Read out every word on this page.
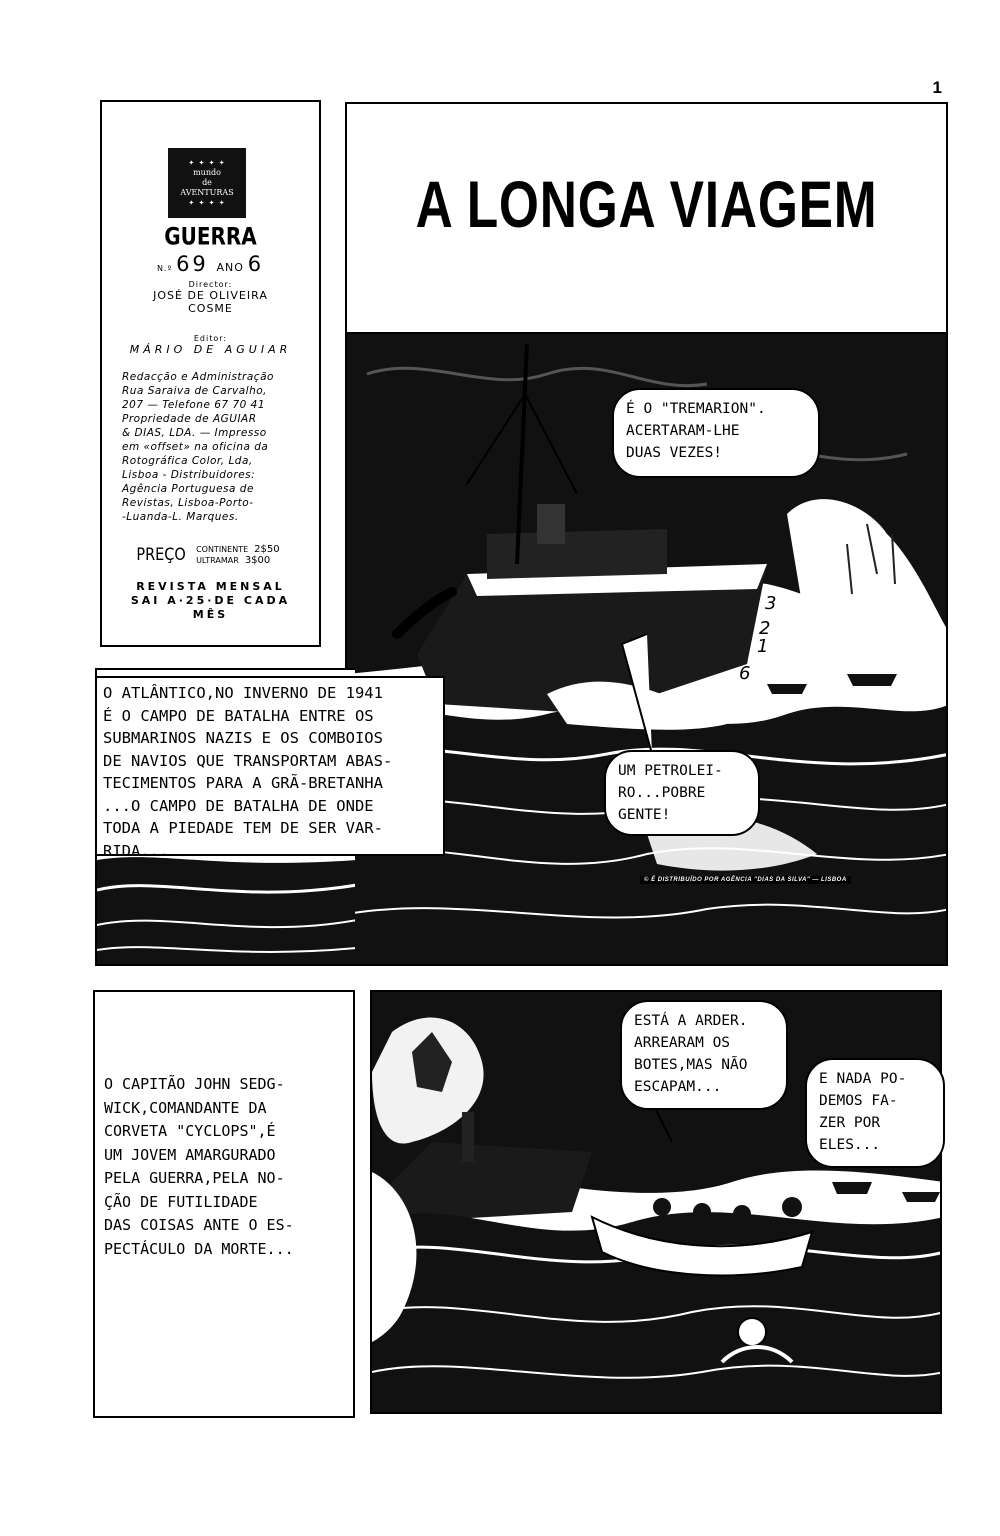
1
✦ ✦ ✦ ✦
mundo
de
AVENTURAS
✦ ✦ ✦ ✦
GUERRA
N.º 69 ANO 6
Director:
JOSÉ DE OLIVEIRA
COSME
Editor:
MÁRIO DE AGUIAR
Redacção e Administração
Rua Saraiva de Carvalho,
207 — Telefone 67 70 41
Propriedade de AGUIAR
& DIAS, LDA. — Impresso
em «offset» na oficina da
Rotográfica Color, Lda,
Lisboa - Distribuidores:
Agência Portuguesa de
Revistas, Lisboa-Porto-
-Luanda-L. Marques.
PREÇO CONTINENTE 2$50
ULTRAMAR 3$00
REVISTA MENSAL
SAI A·25·DE CADA
MÊS
A LONGA VIAGEM
3
2
1
6
O ATLÂNTICO,NO INVERNO DE 1941
É O CAMPO DE BATALHA ENTRE OS
SUBMARINOS NAZIS E OS COMBOIOS
DE NAVIOS QUE TRANSPORTAM ABAS-
TECIMENTOS PARA A GRÃ-BRETANHA
...O CAMPO DE BATALHA DE ONDE
TODA A PIEDADE TEM DE SER VAR-
RIDA...
É O "TREMARION".
ACERTARAM-LHE
DUAS VEZES!
UM PETROLEI-
RO...POBRE
GENTE!
© É DISTRIBUÍDO POR AGÊNCIA "DIAS DA SILVA" — LISBOA
O CAPITÃO JOHN SEDG-
WICK,COMANDANTE DA
CORVETA "CYCLOPS",É
UM JOVEM AMARGURADO
PELA GUERRA,PELA NO-
ÇÃO DE FUTILIDADE
DAS COISAS ANTE O ES-
PECTÁCULO DA MORTE...
ESTÁ A ARDER.
ARREARAM OS
BOTES,MAS NÃO
ESCAPAM...	E NADA PO-
DEMOS FA-
ZER POR
ELES...
